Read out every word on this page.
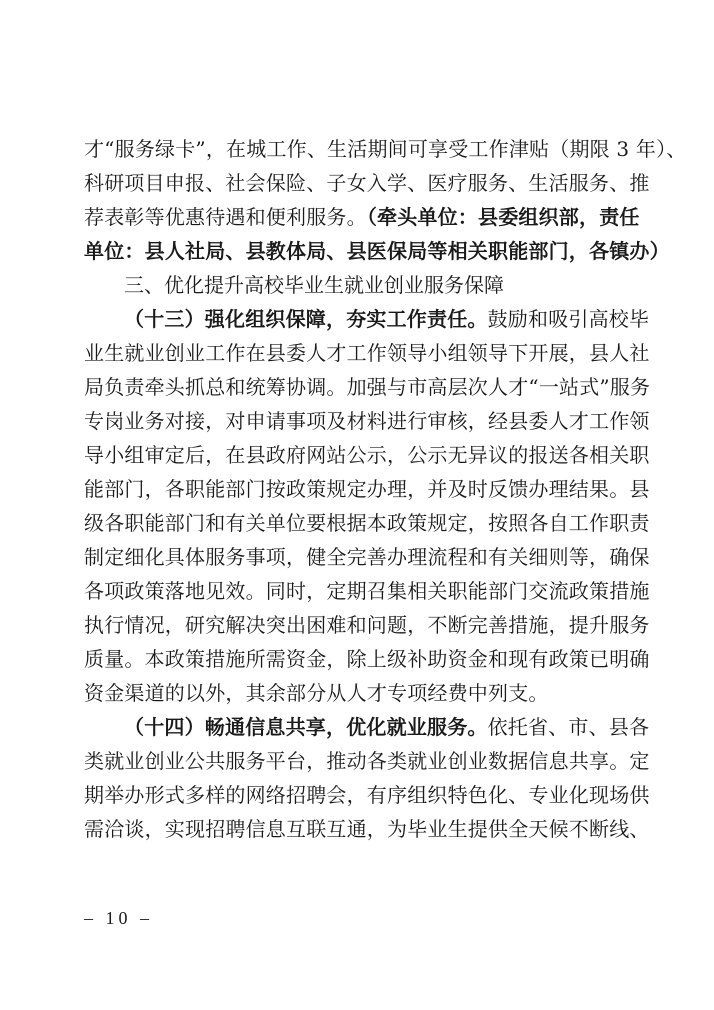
才“服务绿卡”，在城工作、生活期间可享受工作津贴（期限 3 年）、
科研项目申报、社会保险、子女入学、医疗服务、生活服务、推
荐表彰等优惠待遇和便利服务。（牵头单位：县委组织部，责任
单位：县人社局、县教体局、县医保局等相关职能部门，各镇办）
三、优化提升高校毕业生就业创业服务保障
（十三）强化组织保障，夯实工作责任。鼓励和吸引高校毕
业生就业创业工作在县委人才工作领导小组领导下开展，县人社
局负责牵头抓总和统筹协调。加强与市高层次人才“一站式”服务
专岗业务对接，对申请事项及材料进行审核，经县委人才工作领
导小组审定后，在县政府网站公示，公示无异议的报送各相关职
能部门，各职能部门按政策规定办理，并及时反馈办理结果。县
级各职能部门和有关单位要根据本政策规定，按照各自工作职责
制定细化具体服务事项，健全完善办理流程和有关细则等，确保
各项政策落地见效。同时，定期召集相关职能部门交流政策措施
执行情况，研究解决突出困难和问题，不断完善措施，提升服务
质量。本政策措施所需资金，除上级补助资金和现有政策已明确
资金渠道的以外，其余部分从人才专项经费中列支。
（十四）畅通信息共享，优化就业服务。依托省、市、县各
类就业创业公共服务平台，推动各类就业创业数据信息共享。定
期举办形式多样的网络招聘会，有序组织特色化、专业化现场供
需洽谈，实现招聘信息互联互通，为毕业生提供全天候不断线、
– 10 –
